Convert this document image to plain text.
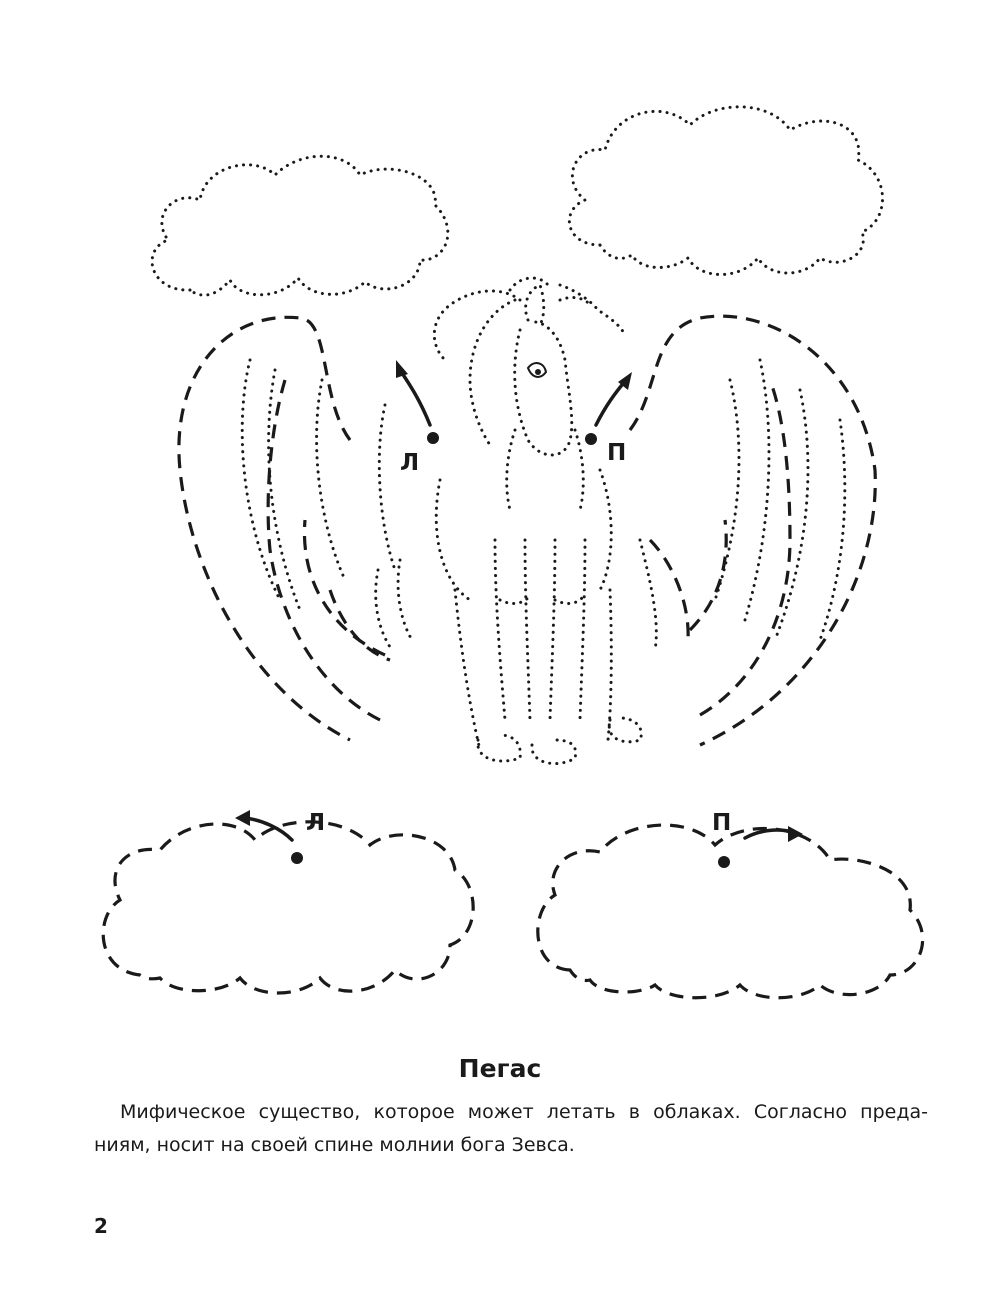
Л	П
Л	П
Пегас

Мифическое существо, которое может летать в облаках. Согласно преда-
ниям, носит на своей спине молнии бога Зевса.

2
